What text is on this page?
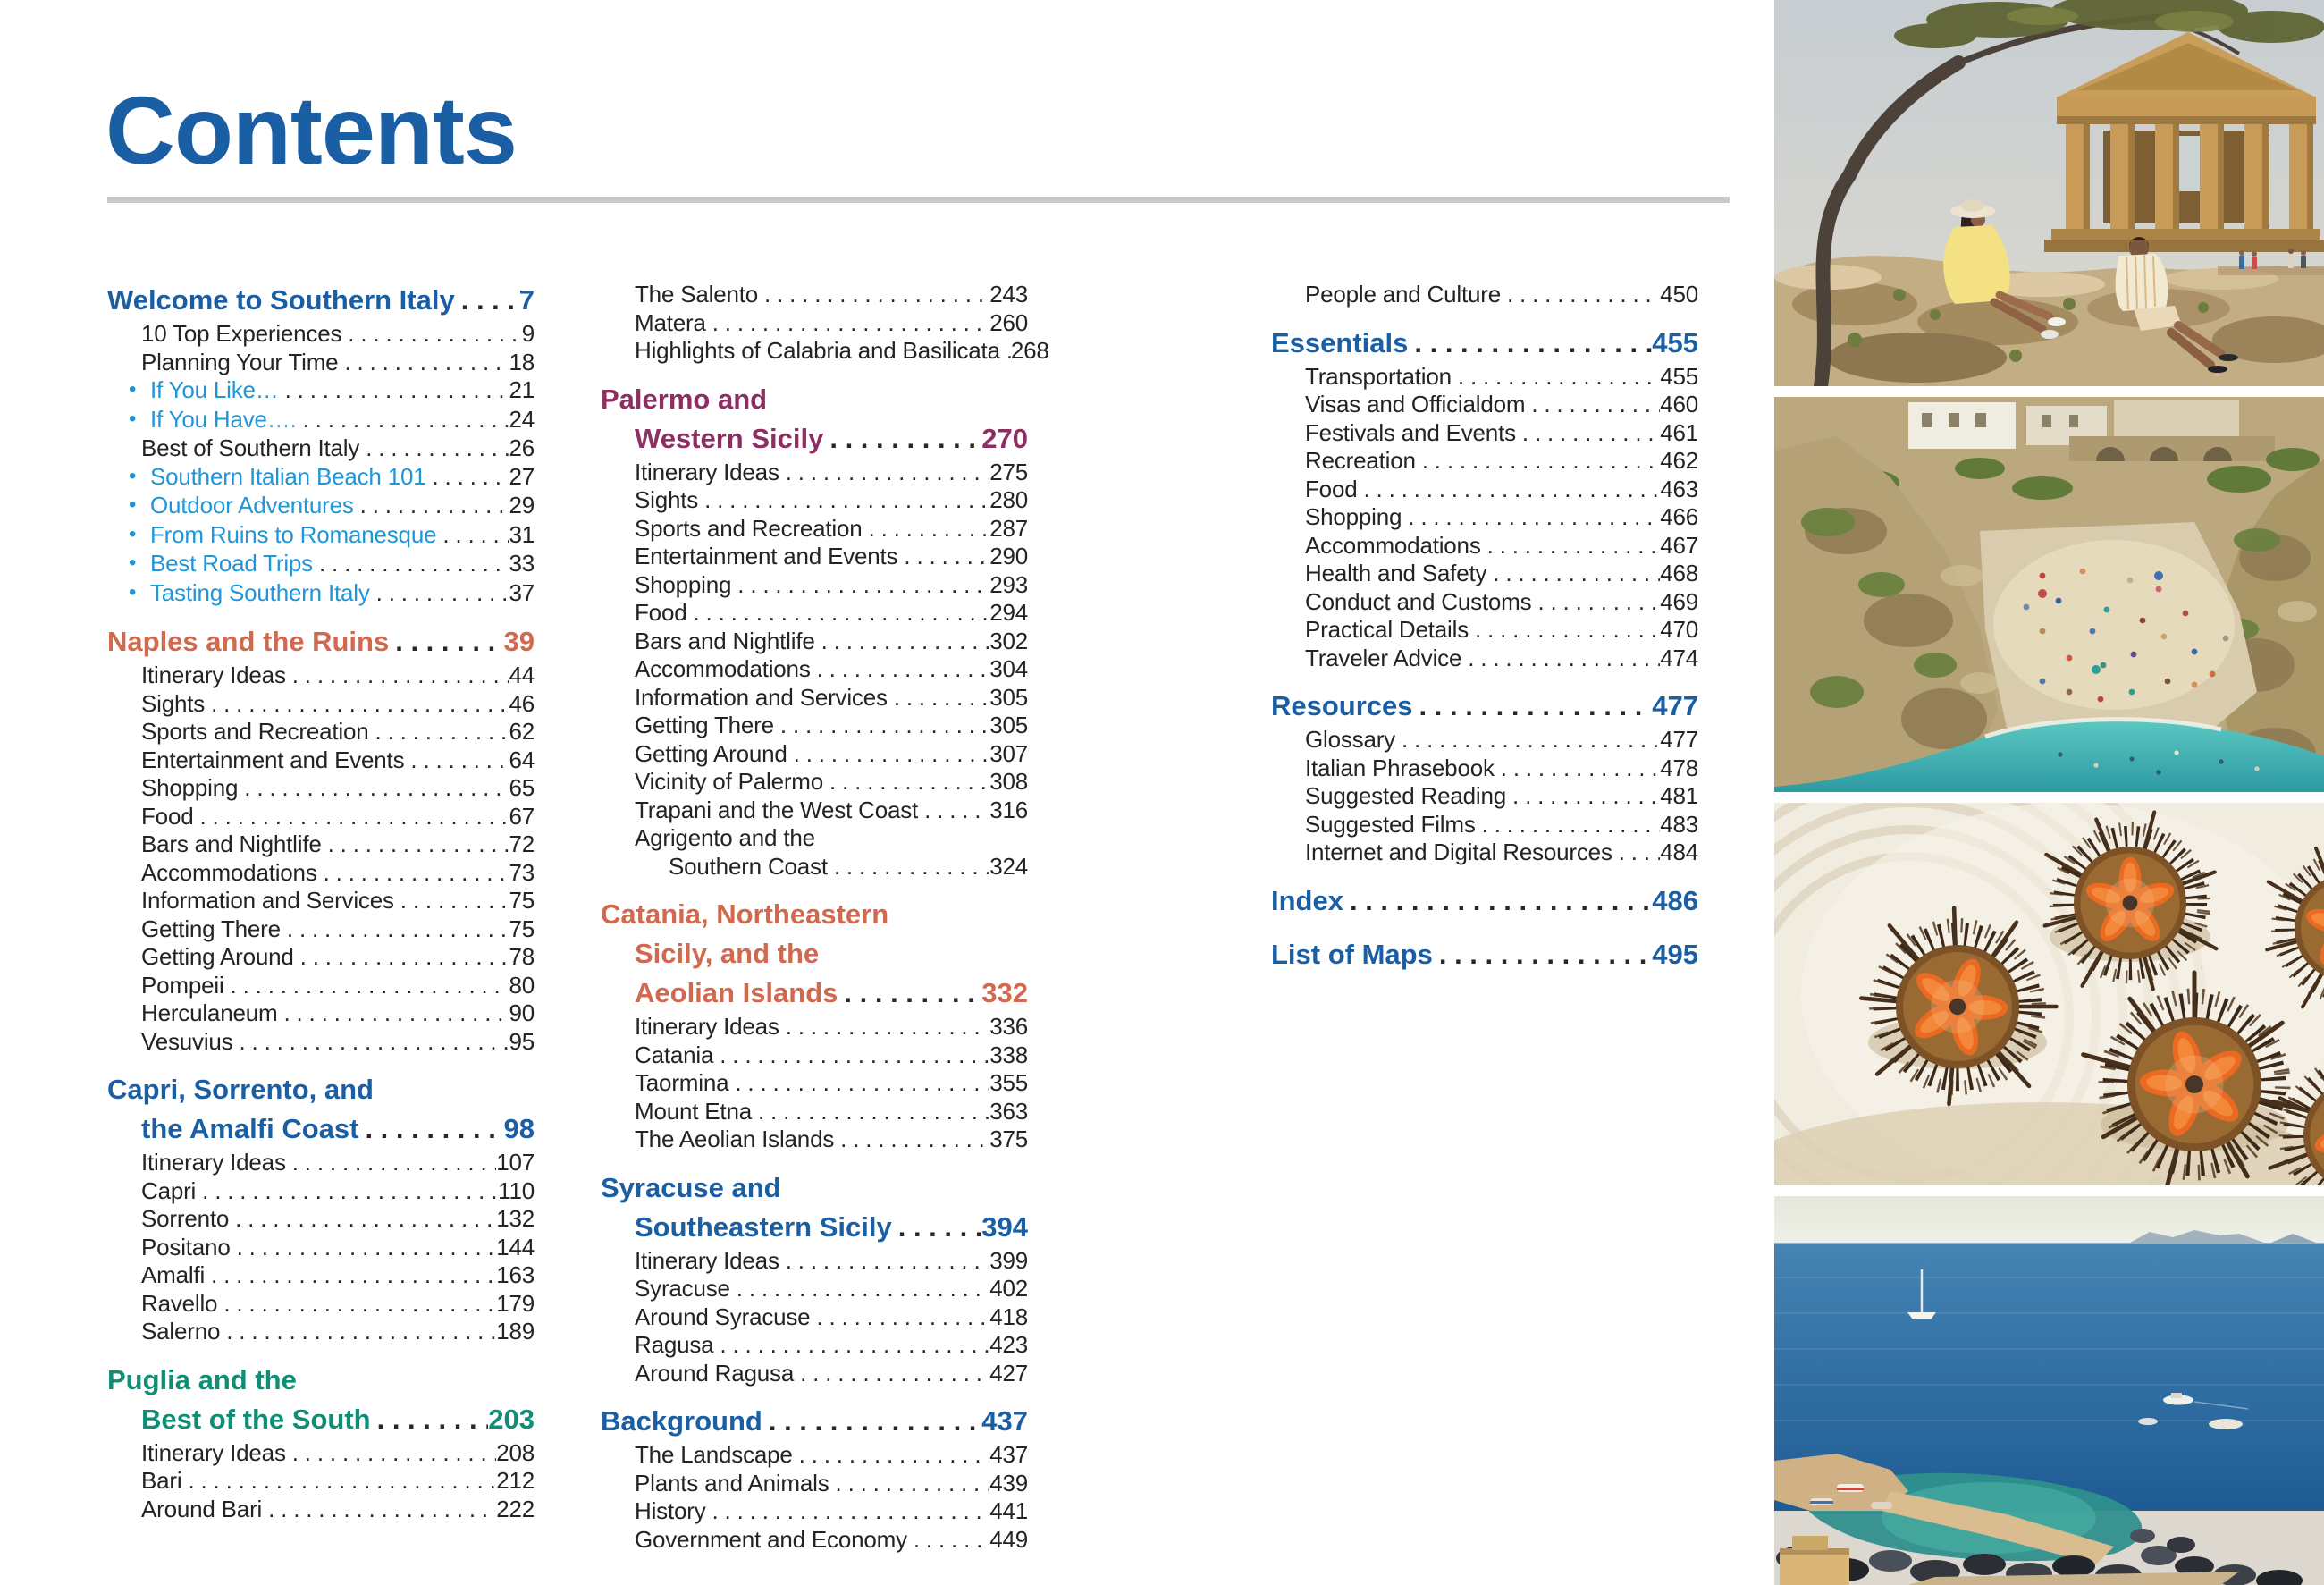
Contents
Welcome to Southern Italy . . . 7
10 Top Experiences . . .	9
Planning Your Time . . .	18
• If You Like… . . .	21
• If You Have…. . . .	24
Best of Southern Italy . . .	26
• Southern Italian Beach 101 . . .	27
• Outdoor Adventures . . .	29
• From Ruins to Romanesque . . .	31
• Best Road Trips . . .	33
• Tasting Southern Italy . . .	37
Naples and the Ruins . . .	39
Itinerary Ideas . . .	44
Sights . . .	46
Sports and Recreation . . .	62
Entertainment and Events . . .	64
Shopping . . .	65
Food . . .	67
Bars and Nightlife . . .	72
Accommodations . . .	73
Information and Services . . .	75
Getting There . . .	75
Getting Around . . .	78
Pompeii . . .	80
Herculaneum . . .	90
Vesuvius . . .	95
Capri, Sorrento, and
the Amalfi Coast . . .	98
Itinerary Ideas . . .	107
Capri . . .	110
Sorrento . . .	132
Positano . . .	144
Amalfi . . .	163
Ravello . . .	179
Salerno . . .	189
Puglia and the
Best of the South . . .	203
Itinerary Ideas . . .	208
Bari . . .	212
Around Bari . . .	222
The Salento . . .	243
Matera . . .	260
Highlights of Calabria and Basilicata . . . 268
Palermo and
Western Sicily . . .	270
Itinerary Ideas . . .	275
Sights . . .	280
Sports and Recreation . . .	287
Entertainment and Events . . .	290
Shopping . . .	293
Food . . .	294
Bars and Nightlife . . .	302
Accommodations . . .	304
Information and Services . . .	305
Getting There . . .	305
Getting Around . . .	307
Vicinity of Palermo . . .	308
Trapani and the West Coast . . .	316
Agrigento and the
Southern Coast . . .	324
Catania, Northeastern
Sicily, and the
Aeolian Islands . . .	332
Itinerary Ideas . . .	336
Catania . . .	338
Taormina . . .	355
Mount Etna . . .	363
The Aeolian Islands . . .	375
Syracuse and
Southeastern Sicily . . .	394
Itinerary Ideas . . .	399
Syracuse . . .	402
Around Syracuse . . .	418
Ragusa . . .	423
Around Ragusa . . .	427
Background . . .	437
The Landscape . . .	437
Plants and Animals . . .	439
History . . .	441
Government and Economy . . .	449
People and Culture . . .	450
Essentials . . .	455
Transportation . . .	455
Visas and Officialdom . . .	460
Festivals and Events . . .	461
Recreation . . .	462
Food . . .	463
Shopping . . .	466
Accommodations . . .	467
Health and Safety . . .	468
Conduct and Customs . . .	469
Practical Details . . .	470
Traveler Advice . . .	474
Resources . . .	477
Glossary . . .	477
Italian Phrasebook . . .	478
Suggested Reading . . .	481
Suggested Films . . .	483
Internet and Digital Resources . . . 484
Index . . .	486
List of Maps . . .	495
